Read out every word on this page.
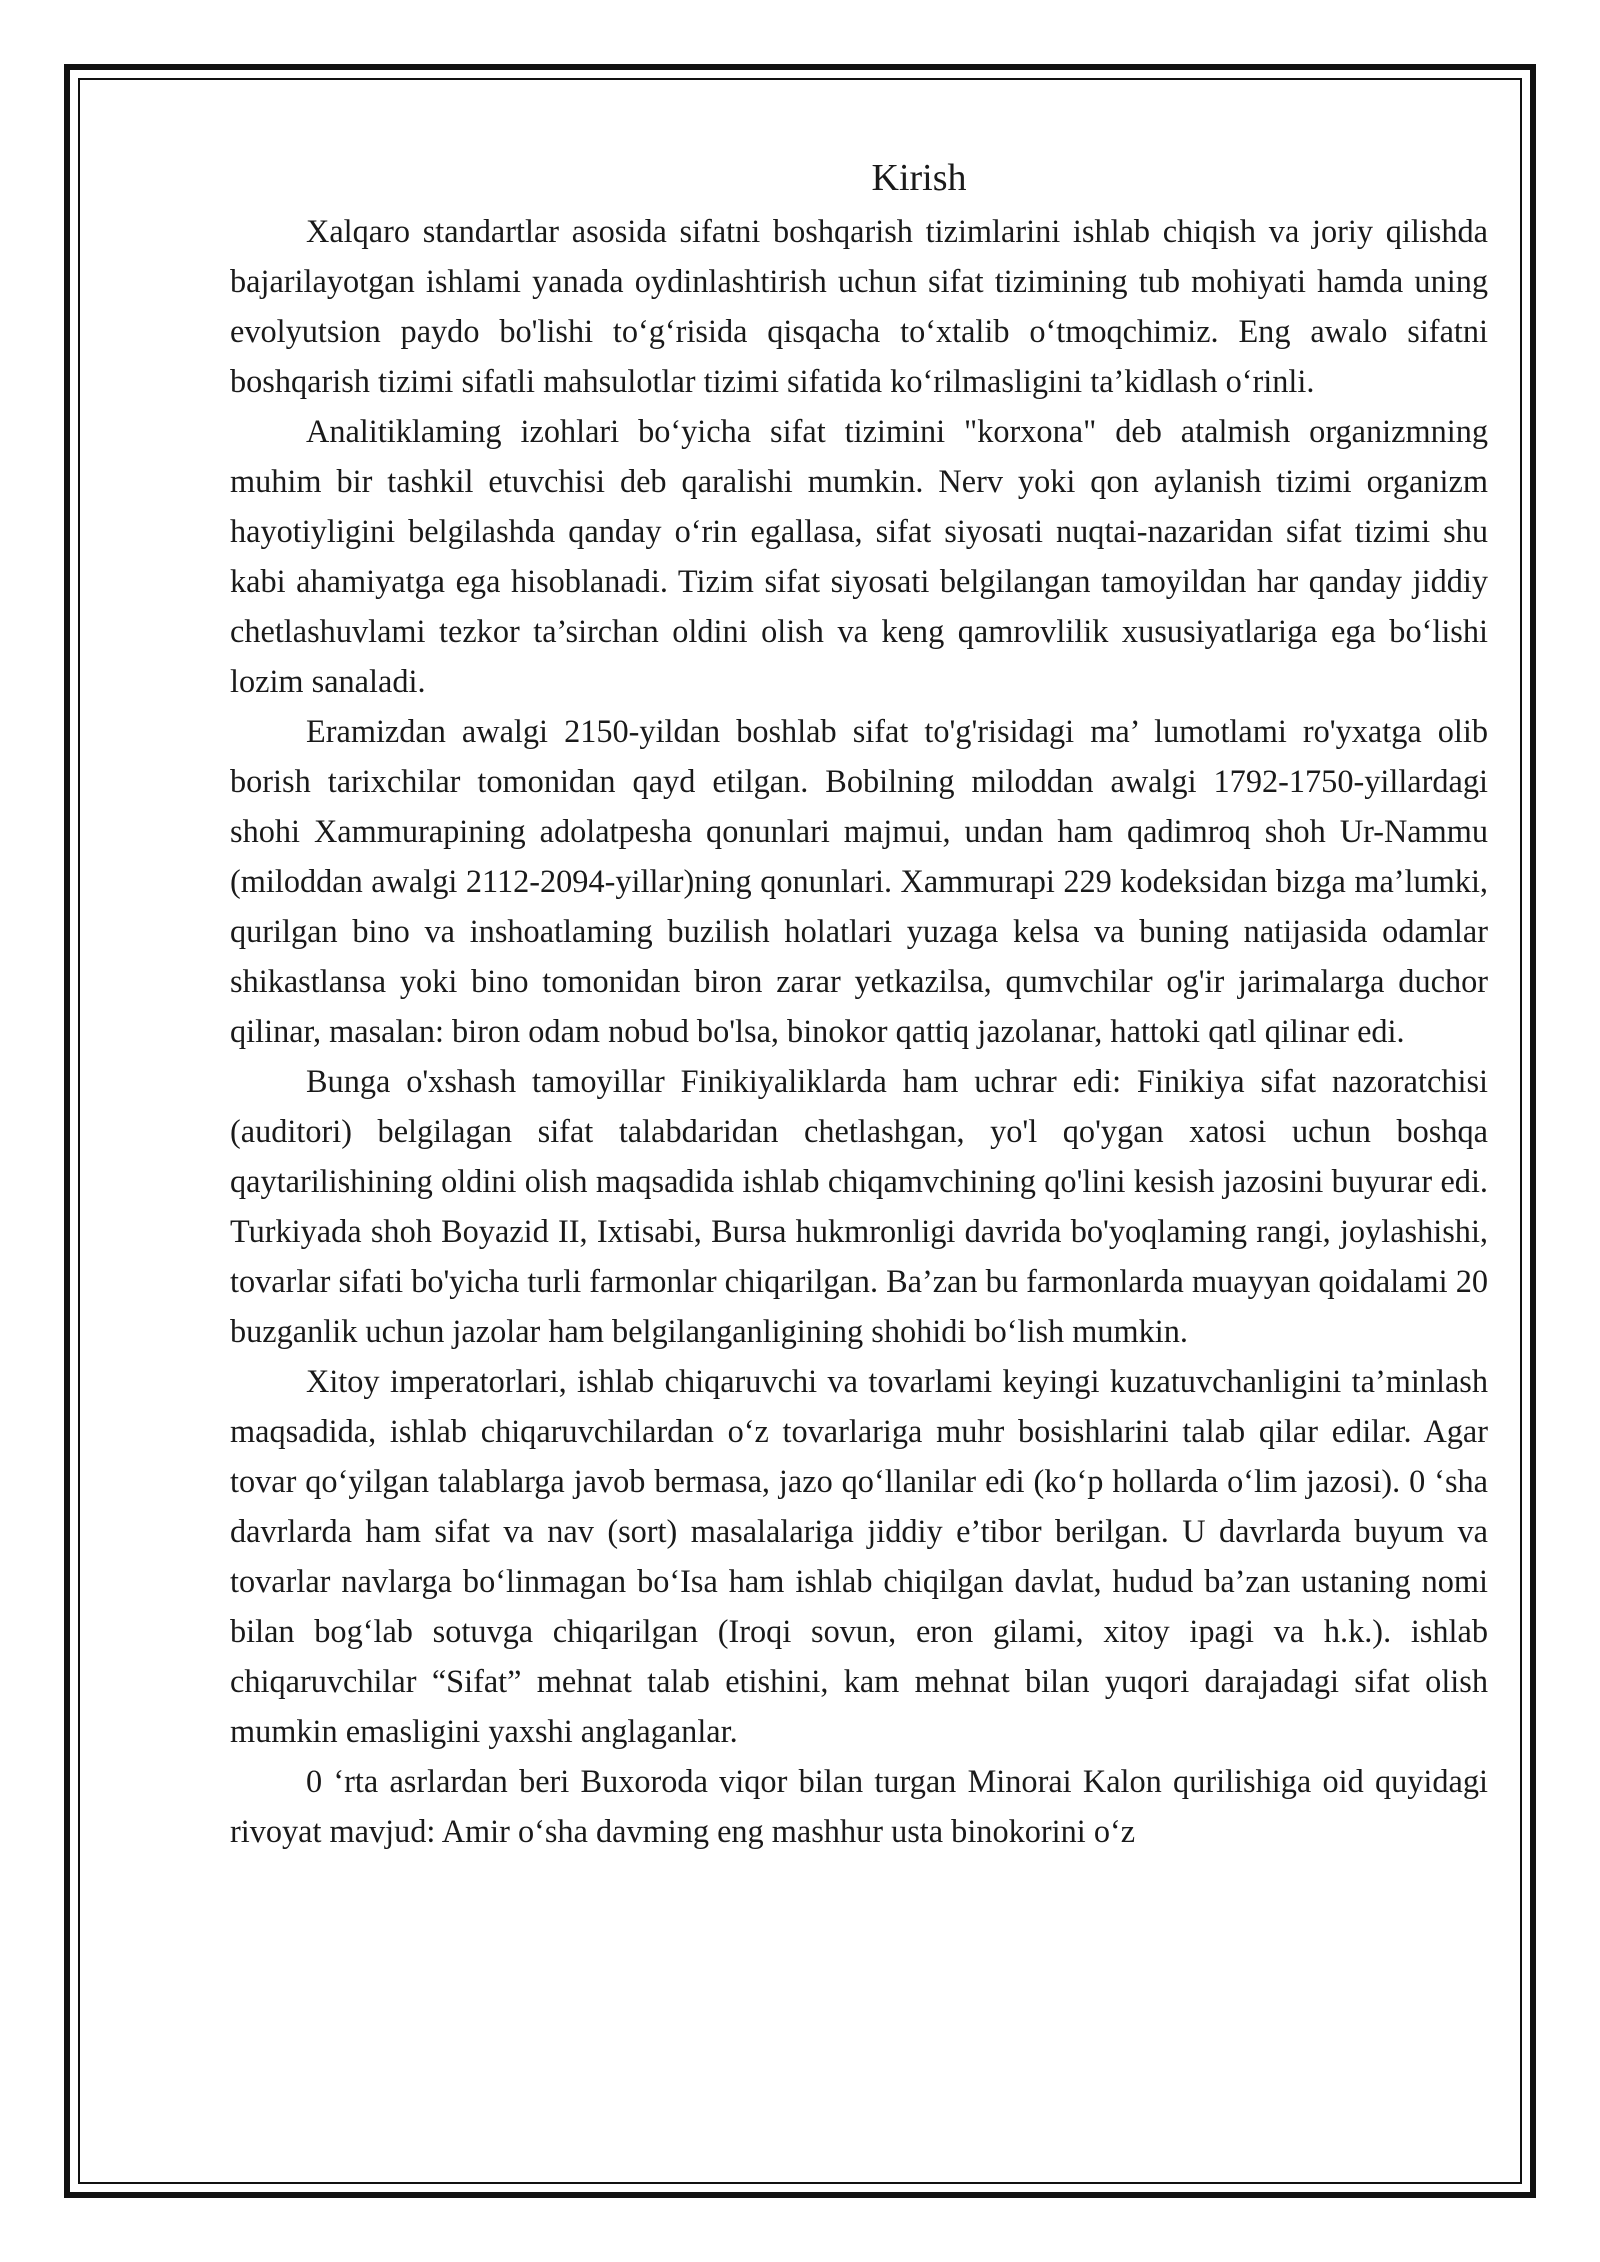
Kirish

Xalqaro standartlar asosida sifatni boshqarish tizimlarini ishlab chiqish va joriy qilishda bajarilayotgan ishlami yanada oydinlashtirish uchun sifat tizimining tub mohiyati hamda uning evolyutsion paydo bo'lishi to‘g‘risida qisqacha to‘xtalib o‘tmoqchimiz. Eng awalo sifatni boshqarish tizimi sifatli mahsulotlar tizimi sifatida ko‘rilmasligini ta’kidlash o‘rinli.

Analitiklaming izohlari bo‘yicha sifat tizimini "korxona" deb atalmish organizmning muhim bir tashkil etuvchisi deb qaralishi mumkin. Nerv yoki qon aylanish tizimi organizm hayotiyligini belgilashda qanday o‘rin egallasa, sifat siyosati nuqtai-nazaridan sifat tizimi shu kabi ahamiyatga ega hisoblanadi. Tizim sifat siyosati belgilangan tamoyildan har qanday jiddiy chetlashuvlami tezkor ta’sirchan oldini olish va keng qamrovlilik xususiyatlariga ega bo‘lishi lozim sanaladi.

Eramizdan awalgi 2150-yildan boshlab sifat to'g'risidagi ma’ lumotlami ro'yxatga olib borish tarixchilar tomonidan qayd etilgan. Bobilning miloddan awalgi 1792-1750-yillardagi shohi Xammurapining adolatpesha qonunlari majmui, undan ham qadimroq shoh Ur-Nammu (miloddan awalgi 2112-2094-yillar)ning qonunlari. Xammurapi 229 kodeksidan bizga ma’lumki, qurilgan bino va inshoatlaming buzilish holatlari yuzaga kelsa va buning natijasida odamlar shikastlansa yoki bino tomonidan biron zarar yetkazilsa, qumvchilar og'ir jarimalarga duchor qilinar, masalan: biron odam nobud bo'lsa, binokor qattiq jazolanar, hattoki qatl qilinar edi.

Bunga o'xshash tamoyillar Finikiyaliklarda ham uchrar edi: Finikiya sifat nazoratchisi (auditori) belgilagan sifat talabdaridan chetlashgan, yo'l qo'ygan xatosi uchun boshqa qaytarilishining oldini olish maqsadida ishlab chiqamvchining qo'lini kesish jazosini buyurar edi. Turkiyada shoh Boyazid II, Ixtisabi, Bursa hukmronligi davrida bo'yoqlaming rangi, joylashishi, tovarlar sifati bo'yicha turli farmonlar chiqarilgan. Ba’zan bu farmonlarda muayyan qoidalami 20 buzganlik uchun jazolar ham belgilanganligining shohidi bo‘lish mumkin.

Xitoy imperatorlari, ishlab chiqaruvchi va tovarlami keyingi kuzatuvchanligini ta’minlash maqsadida, ishlab chiqaruvchilardan o‘z tovarlariga muhr bosishlarini talab qilar edilar. Agar tovar qo‘yilgan talablarga javob bermasa, jazo qo‘llanilar edi (ko‘p hollarda o‘lim jazosi). 0 ‘sha davrlarda ham sifat va nav (sort) masalalariga jiddiy e’tibor berilgan. U davrlarda buyum va tovarlar navlarga bo‘linmagan bo‘Isa ham ishlab chiqilgan davlat, hudud ba’zan ustaning nomi bilan bog‘lab sotuvga chiqarilgan (Iroqi sovun, eron gilami, xitoy ipagi va h.k.). ishlab chiqaruvchilar “Sifat” mehnat talab etishini, kam mehnat bilan yuqori darajadagi sifat olish mumkin emasligini yaxshi anglaganlar.

0 ‘rta asrlardan beri Buxoroda viqor bilan turgan Minorai Kalon qurilishiga oid quyidagi rivoyat mavjud: Amir o‘sha davming eng mashhur usta binokorini o‘z
